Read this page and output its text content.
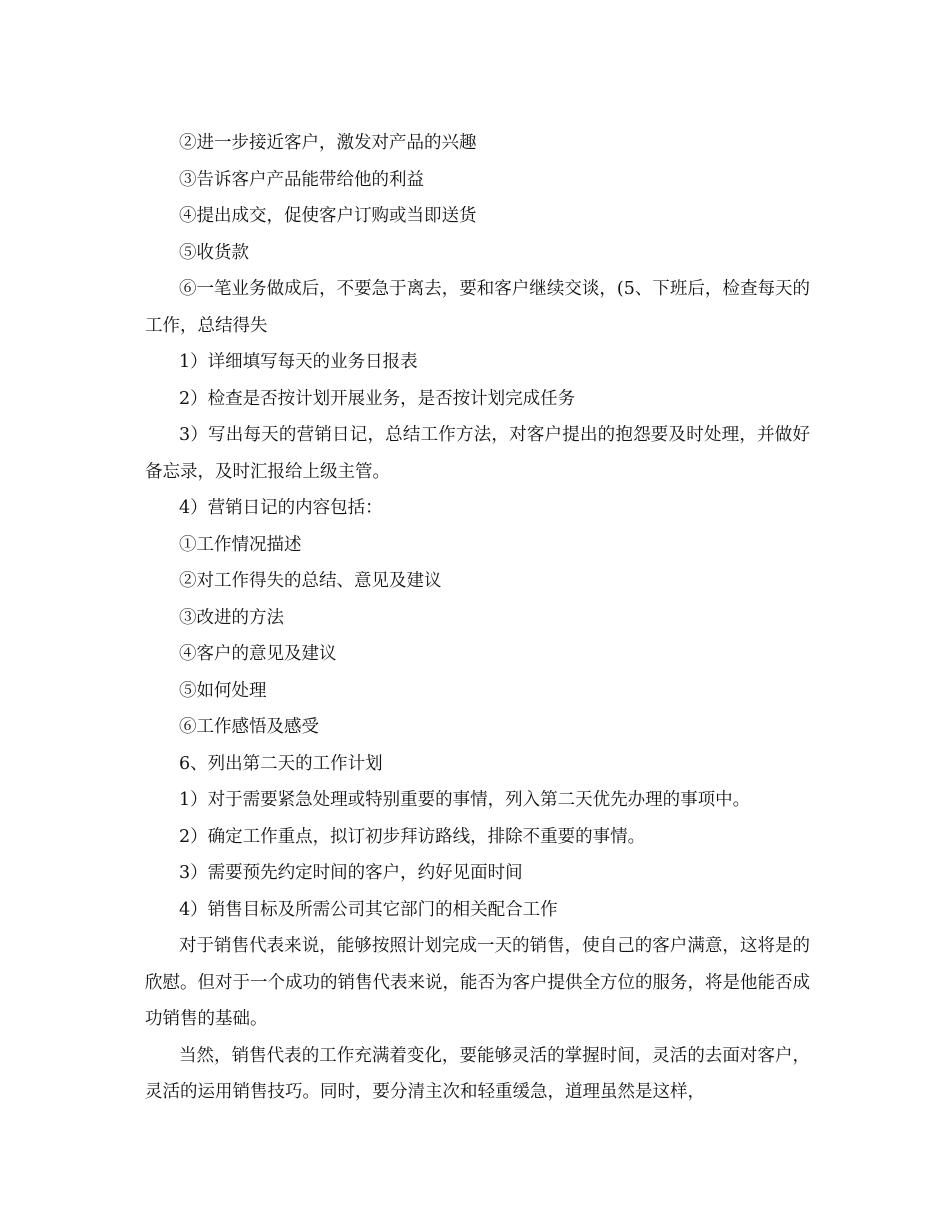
②进一步接近客户，激发对产品的兴趣

③告诉客户产品能带给他的利益

④提出成交，促使客户订购或当即送货

⑤收货款

⑥一笔业务做成后，不要急于离去，要和客户继续交谈，(5、下班后，检查每天的工作，总结得失

1）详细填写每天的业务日报表

2）检查是否按计划开展业务，是否按计划完成任务

3）写出每天的营销日记，总结工作方法，对客户提出的抱怨要及时处理，并做好备忘录，及时汇报给上级主管。

4）营销日记的内容包括：

①工作情况描述

②对工作得失的总结、意见及建议

③改进的方法

④客户的意见及建议

⑤如何处理

⑥工作感悟及感受

6、列出第二天的工作计划

1）对于需要紧急处理或特别重要的事情，列入第二天优先办理的事项中。

2）确定工作重点，拟订初步拜访路线，排除不重要的事情。

3）需要预先约定时间的客户，约好见面时间

4）销售目标及所需公司其它部门的相关配合工作

对于销售代表来说，能够按照计划完成一天的销售，使自己的客户满意，这将是的欣慰。但对于一个成功的销售代表来说，能否为客户提供全方位的服务，将是他能否成功销售的基础。

当然，销售代表的工作充满着变化，要能够灵活的掌握时间，灵活的去面对客户，灵活的运用销售技巧。同时，要分清主次和轻重缓急，道理虽然是这样，
